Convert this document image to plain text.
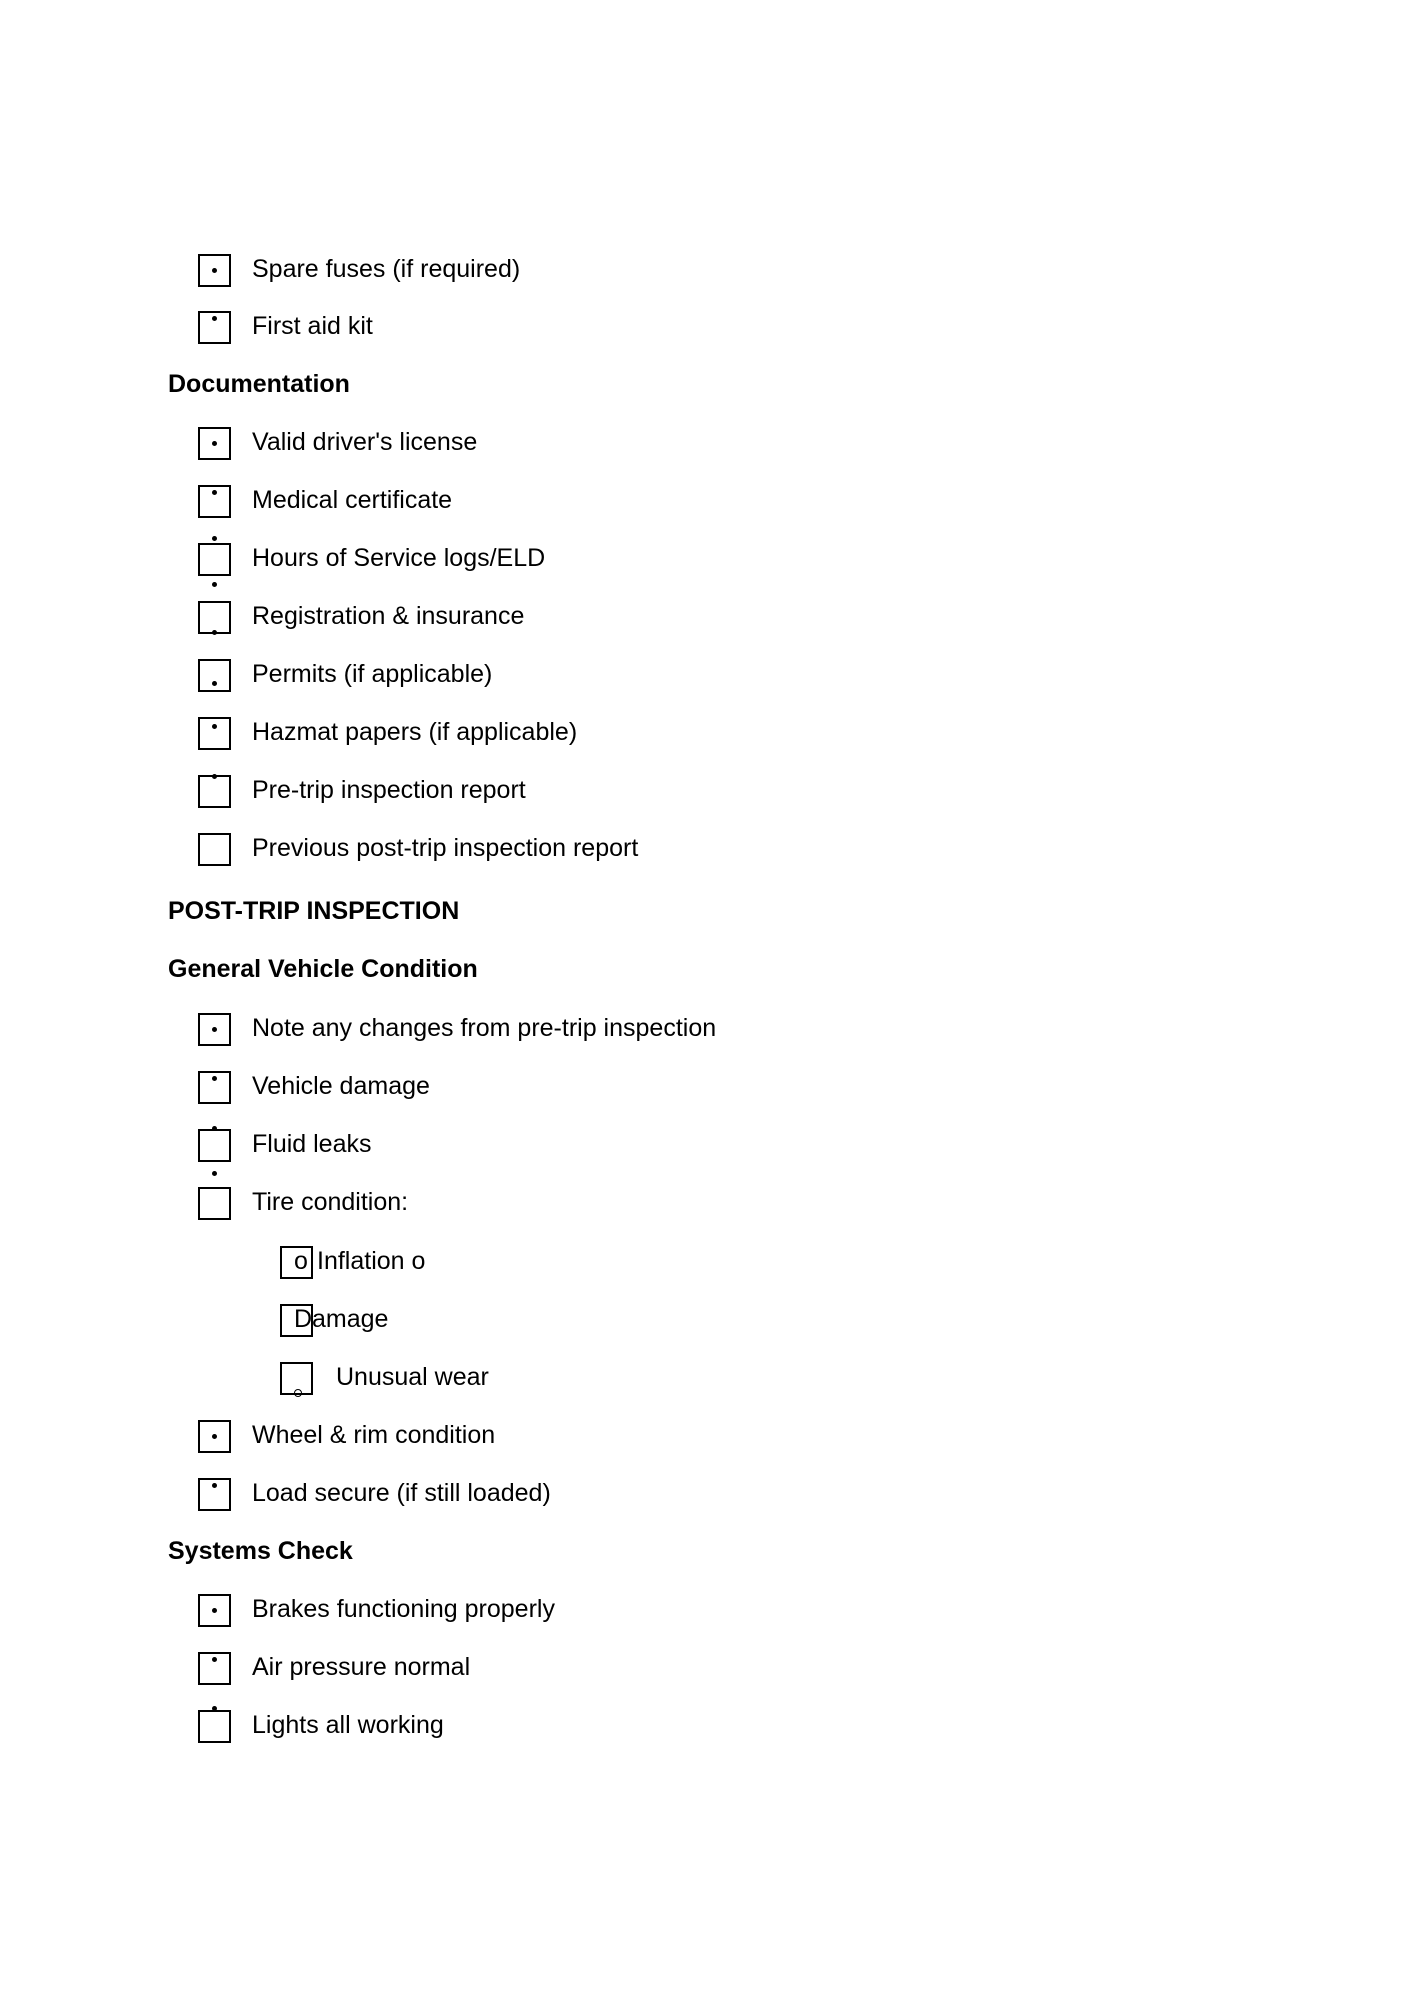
Spare fuses (if required)
First aid kit
Documentation
Valid driver's license
Medical certificate
Hours of Service logs/ELD
Registration & insurance
Permits (if applicable)
Hazmat papers (if applicable)
Pre-trip inspection report
Previous post-trip inspection report
POST-TRIP INSPECTION
General Vehicle Condition
Note any changes from pre-trip inspection
Vehicle damage
Fluid leaks
Tire condition:
o Inflation o
D amage
Unusual wear
Wheel & rim condition
Load secure (if still loaded)
Systems Check
Brakes functioning properly
Air pressure normal
Lights all working
